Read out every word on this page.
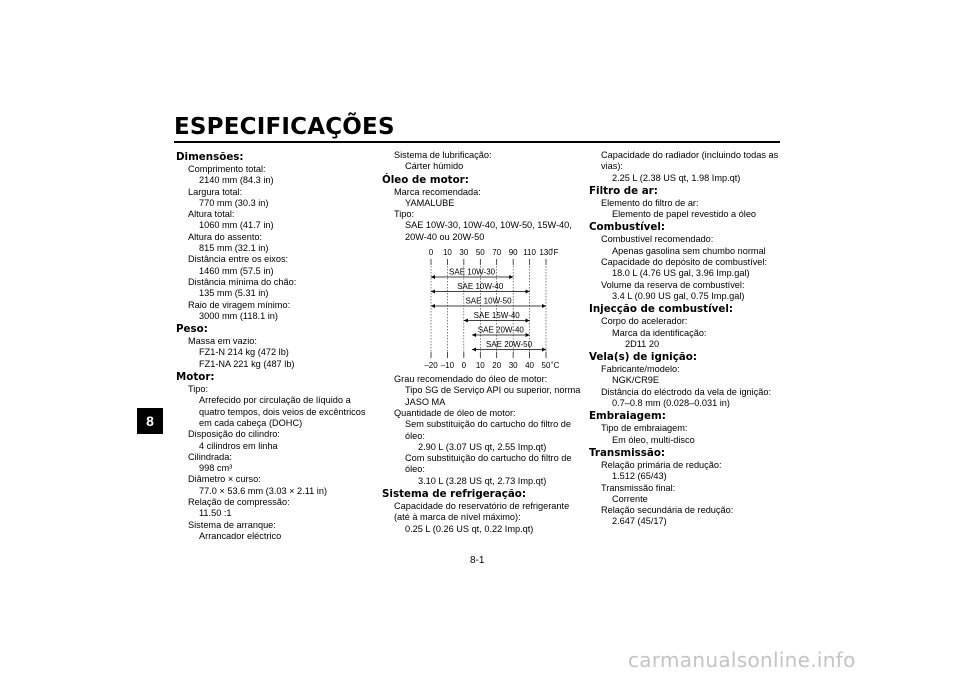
ESPECIFICAÇÕES
8
Dimensões:
Comprimento total:
2140 mm (84.3 in)
Largura total:
770 mm (30.3 in)
Altura total:
1060 mm (41.7 in)
Altura do assento:
815 mm (32.1 in)
Distância entre os eixos:
1460 mm (57.5 in)
Distância mínima do chão:
135 mm (5.31 in)
Raio de viragem mínimo:
3000 mm (118.1 in)
Peso:
Massa em vazio:
FZ1-N 214 kg (472 lb)
FZ1-NA 221 kg (487 lb)
Motor:
Tipo:
Arrefecido por circulação de líquido a
quatro tempos, dois veios de excêntricos
em cada cabeça (DOHC)
Disposição do cilindro:
4 cilindros em linha
Cilindrada:
998 cm³
Diâmetro × curso:
77.0 × 53.6 mm (3.03 × 2.11 in)
Relação de compressão:
11.50 :1
Sistema de arranque:
Arrancador eléctrico
Sistema de lubrificação:
Cárter húmido
Óleo de motor:
Marca recomendada:
YAMALUBE
Tipo:
SAE 10W-30, 10W-40, 10W-50, 15W-40,
20W-40 ou 20W-50
0 10 30 50 70 90 110 130
˚F
–20 –10 0 10 20 30 40 50 ˚C
SAE 10W-30
SAE 10W-40
SAE 10W-50
SAE 15W-40
SAE 20W-40
SAE 20W-50
Grau recomendado do óleo de motor:
Tipo SG de Serviço API ou superior, norma
JASO MA
Quantidade de óleo de motor:
Sem substituição do cartucho do filtro de
óleo:
2.90 L (3.07 US qt, 2.55 Imp.qt)
Com substituição do cartucho do filtro de
óleo:
3.10 L (3.28 US qt, 2.73 Imp.qt)
Sistema de refrigeração:
Capacidade do reservatório de refrigerante
(até à marca de nível máximo):
0.25 L (0.26 US qt, 0.22 Imp.qt)
Capacidade do radiador (incluindo todas as
vias):
2.25 L (2.38 US qt, 1.98 Imp.qt)
Filtro de ar:
Elemento do filtro de ar:
Elemento de papel revestido a óleo
Combustível:
Combustível recomendado:
Apenas gasolina sem chumbo normal
Capacidade do depósito de combustível:
18.0 L (4.76 US gal, 3.96 Imp.gal)
Volume da reserva de combustível:
3.4 L (0.90 US gal, 0.75 Imp.gal)
Injecção de combustível:
Corpo do acelerador:
Marca da identificação:
2D11 20
Vela(s) de ignição:
Fabricante/modelo:
NGK/CR9E
Distância do eléctrodo da vela de ignição:
0.7–0.8 mm (0.028–0.031 in)
Embraiagem:
Tipo de embraiagem:
Em óleo, multi-disco
Transmissão:
Relação primária de redução:
1.512 (65/43)
Transmissão final:
Corrente
Relação secundária de redução:
2.647 (45/17)
8-1
carmanualsonline.info
